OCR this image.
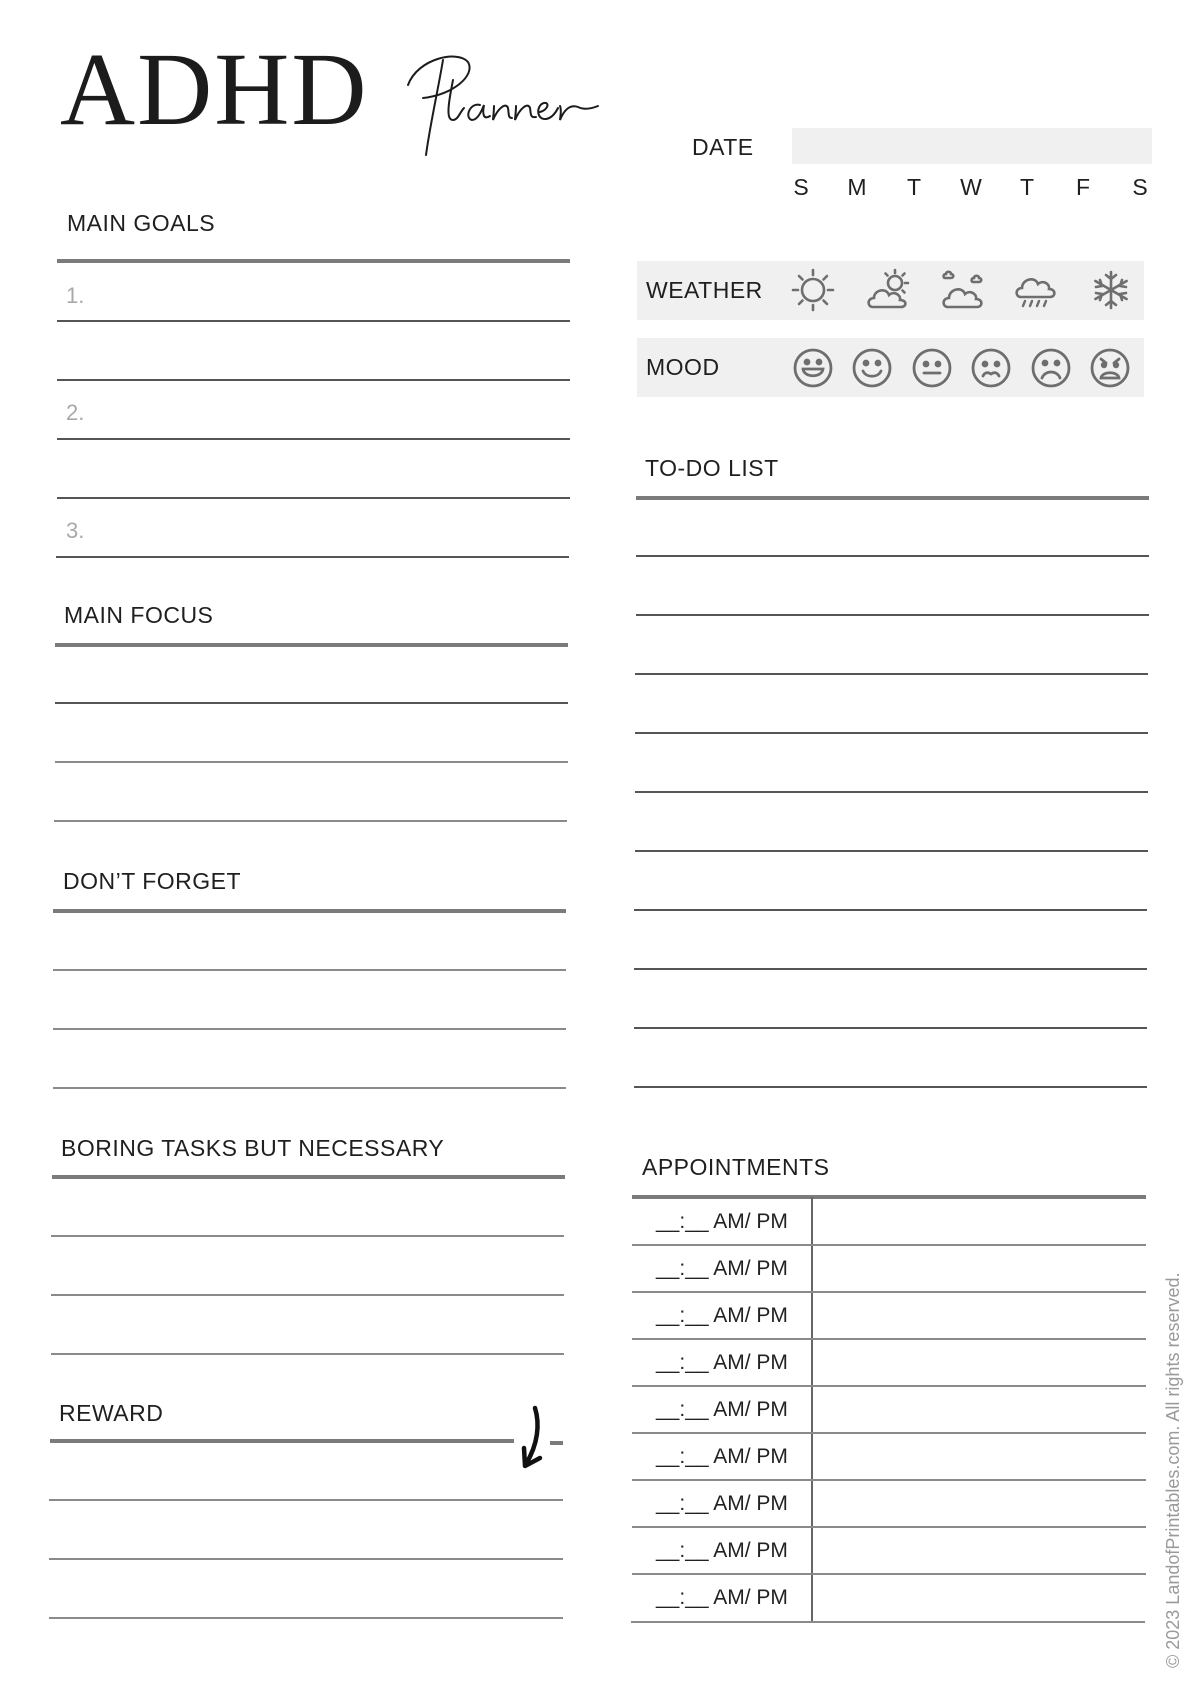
ADHD	DATE
S	M	T	W	T	F	S
MAIN GOALS
1.
2.
3.
MAIN FOCUS
DON’T FORGET
BORING TASKS BUT NECESSARY
REWARD
WEATHER
MOOD
TO-DO LIST
APPOINTMENTS
__:__ AM/ PM
__:__ AM/ PM
__:__ AM/ PM
__:__ AM/ PM
__:__ AM/ PM
__:__ AM/ PM
__:__ AM/ PM
__:__ AM/ PM
__:__ AM/ PM	© 2023 LandofPrintables.com. All rights reserved.
